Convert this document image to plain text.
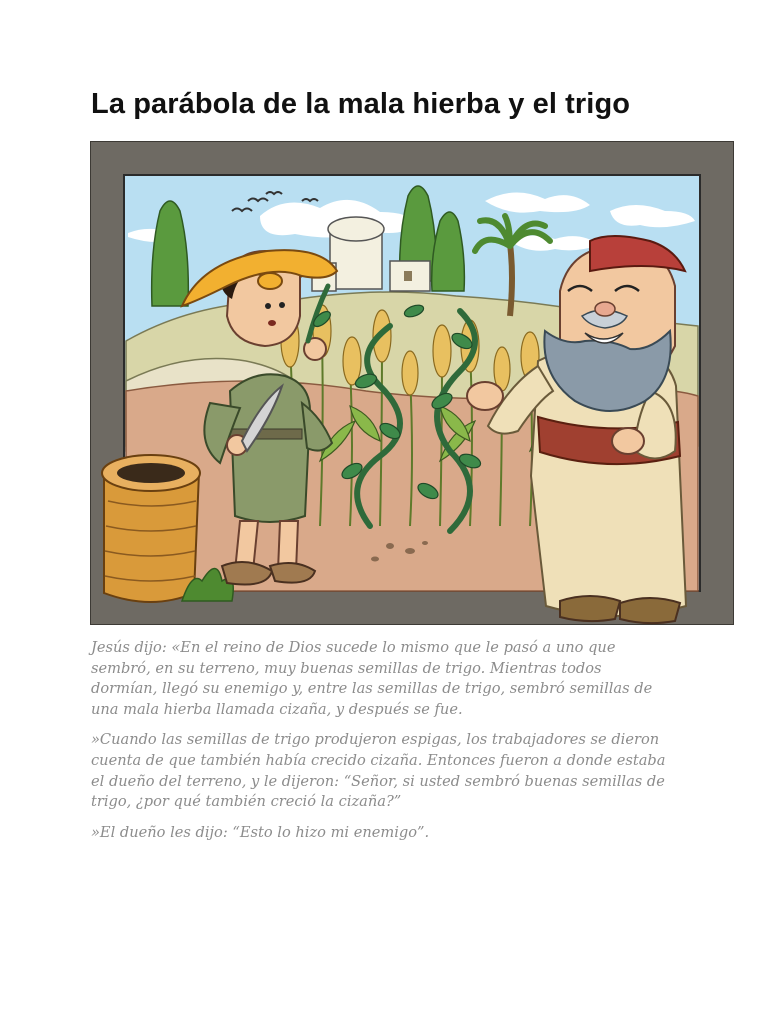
La parábola de la mala hierba y el trigo

Jesús dijo: «En el reino de Dios sucede lo mismo que le pasó a uno que sembró, en su terreno, muy buenas semillas de trigo. Mientras todos dormían, llegó su enemigo y, entre las semillas de trigo, sembró semillas de una mala hierba llamada cizaña, y después se fue.

»Cuando las semillas de trigo produjeron espigas, los trabajadores se dieron cuenta de que también había crecido cizaña. Entonces fueron a donde estaba el dueño del terreno, y le dijeron: “Señor, si usted sembró buenas semillas de trigo, ¿por qué también creció la cizaña?”

»El dueño les dijo: “Esto lo hizo mi enemigo”.
